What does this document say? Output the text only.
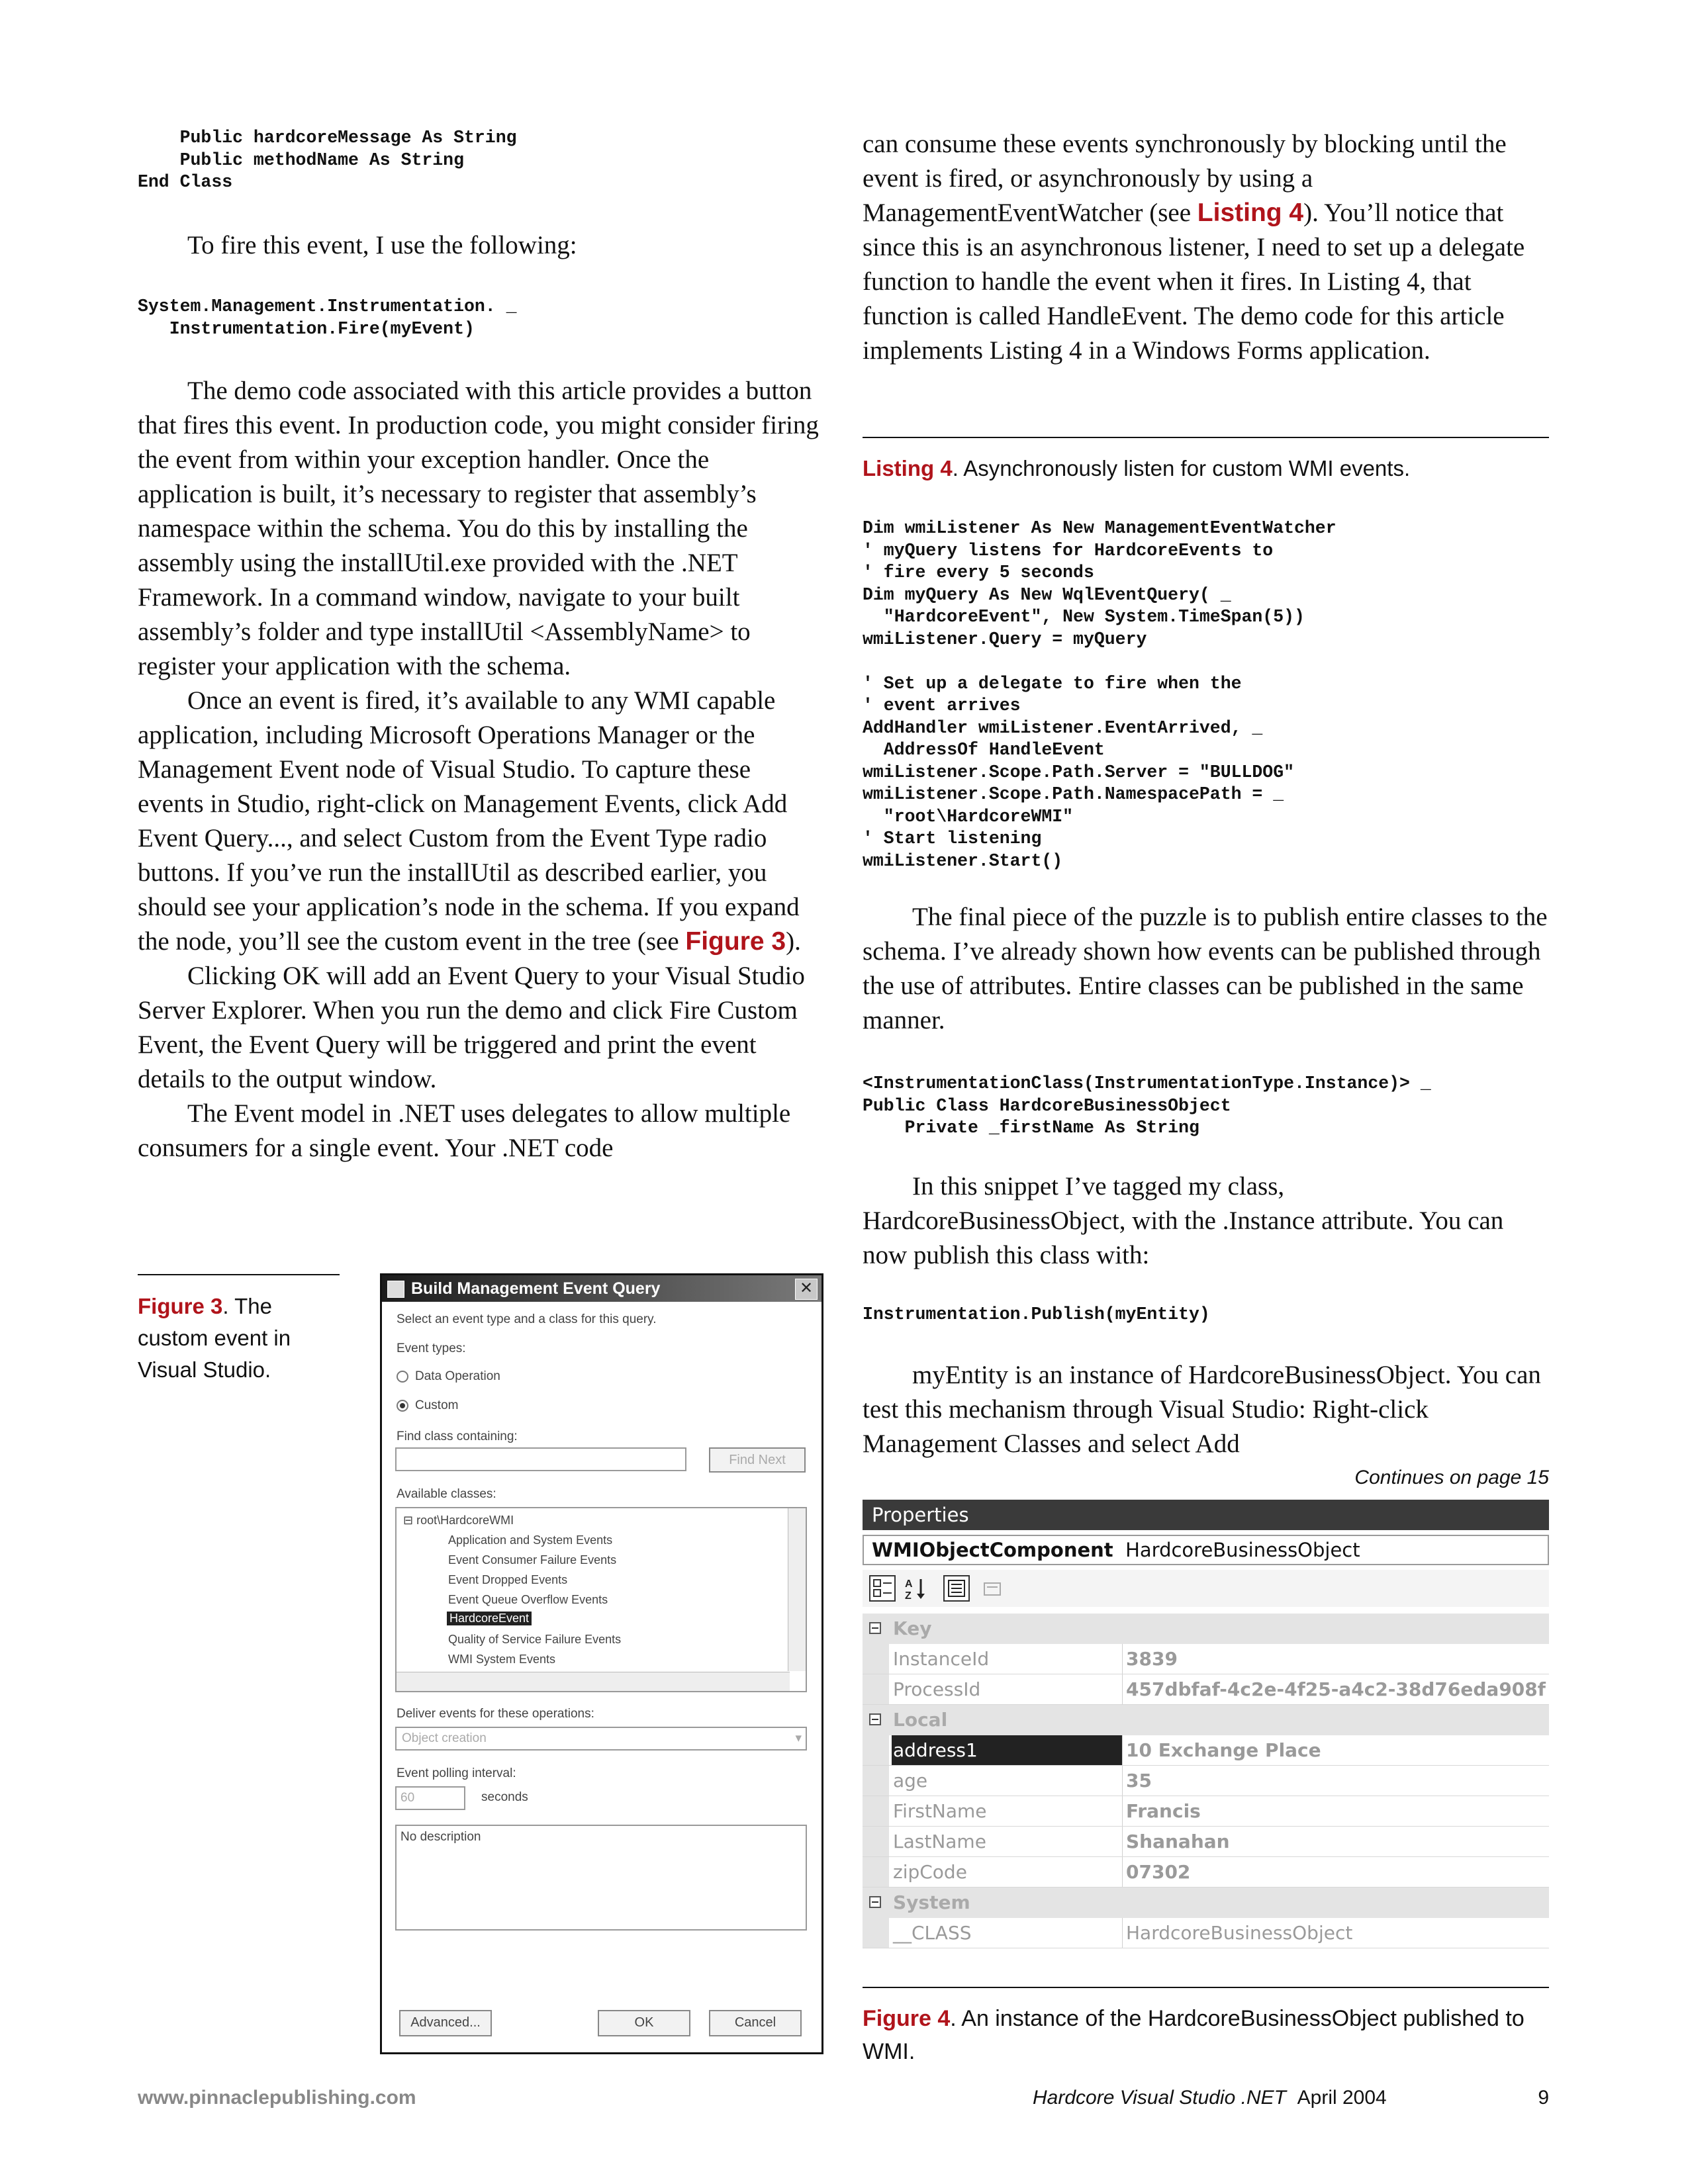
Public hardcoreMessage As String
Public methodName As String
End Class

To fire this event, I use the following:

System.Management.Instrumentation. _
Instrumentation.Fire(myEvent)

The demo code associated with this article provides a button that fires this event. In production code, you might consider firing the event from within your exception handler. Once the application is built, it’s necessary to register that assembly’s namespace within the schema. You do this by installing the assembly using the installUtil.exe provided with the .NET Framework. In a command window, navigate to your built assembly’s folder and type installUtil <AssemblyName> to register your application with the schema.

Once an event is fired, it’s available to any WMI capable application, including Microsoft Operations Manager or the Management Event node of Visual Studio. To capture these events in Studio, right-click on Management Events, click Add Event Query..., and select Custom from the Event Type radio buttons. If you’ve run the installUtil as described earlier, you should see your application’s node in the schema. If you expand the node, you’ll see the custom event in the tree (see Figure 3).

Clicking OK will add an Event Query to your Visual Studio Server Explorer. When you run the demo and click Fire Custom Event, the Event Query will be triggered and print the event details to the output window.

The Event model in .NET uses delegates to allow multiple consumers for a single event. Your .NET code

Figure 3. The custom event in Visual Studio.
Build Management Event Query	✕
Select an event type and a class for this query.
Event types:
Data Operation
Custom
Find class containing:
Find Next
Available classes:
⊟ root\HardcoreWMI
Application and System Events
Event Consumer Failure Events
Event Dropped Events
Event Queue Overflow Events
HardcoreEvent
Quality of Service Failure Events
WMI System Events
Deliver events for these operations:
Object creation	▾
Event polling interval:
60	seconds
No description
Advanced...	OK	Cancel

can consume these events synchronously by blocking until the event is fired, or asynchronously by using a ManagementEventWatcher (see Listing 4). You’ll notice that since this is an asynchronous listener, I need to set up a delegate function to handle the event when it fires. In Listing 4, that function is called HandleEvent. The demo code for this article implements Listing 4 in a Windows Forms application.

Listing 4. Asynchronously listen for custom WMI events.
Dim wmiListener As New ManagementEventWatcher
' myQuery listens for HardcoreEvents to
' fire every 5 seconds
Dim myQuery As New WqlEventQuery( _
"HardcoreEvent", New System.TimeSpan(5))
wmiListener.Query = myQuery

' Set up a delegate to fire when the
' event arrives
AddHandler wmiListener.EventArrived, _
AddressOf HandleEvent
wmiListener.Scope.Path.Server = "BULLDOG"
wmiListener.Scope.Path.NamespacePath = _
"root\HardcoreWMI"
' Start listening
wmiListener.Start()

The final piece of the puzzle is to publish entire classes to the schema. I’ve already shown how events can be published through the use of attributes. Entire classes can be published in the same manner.

<InstrumentationClass(InstrumentationType.Instance)> _
Public Class HardcoreBusinessObject
Private _firstName As String

In this snippet I’ve tagged my class, HardcoreBusinessObject, with the .Instance attribute. You can now publish this class with:

Instrumentation.Publish(myEntity)

myEntity is an instance of HardcoreBusinessObject. You can test this mechanism through Visual Studio: Right-click Management Classes and select Add

Continues on page 15
Properties
WMIObjectComponent HardcoreBusinessObject
A
Z
Key
InstanceId	3839
ProcessId	457dbfaf-4c2e-4f25-a4c2-38d76eda908f
Local
address1	10 Exchange Place
age	35
FirstName	Francis
LastName	Shanahan
zipCode	07302
System
__CLASS	HardcoreBusinessObject
Figure 4. An instance of the HardcoreBusinessObject published to WMI.
www.pinnaclepublishing.com	Hardcore Visual Studio .NET April 2004	9
